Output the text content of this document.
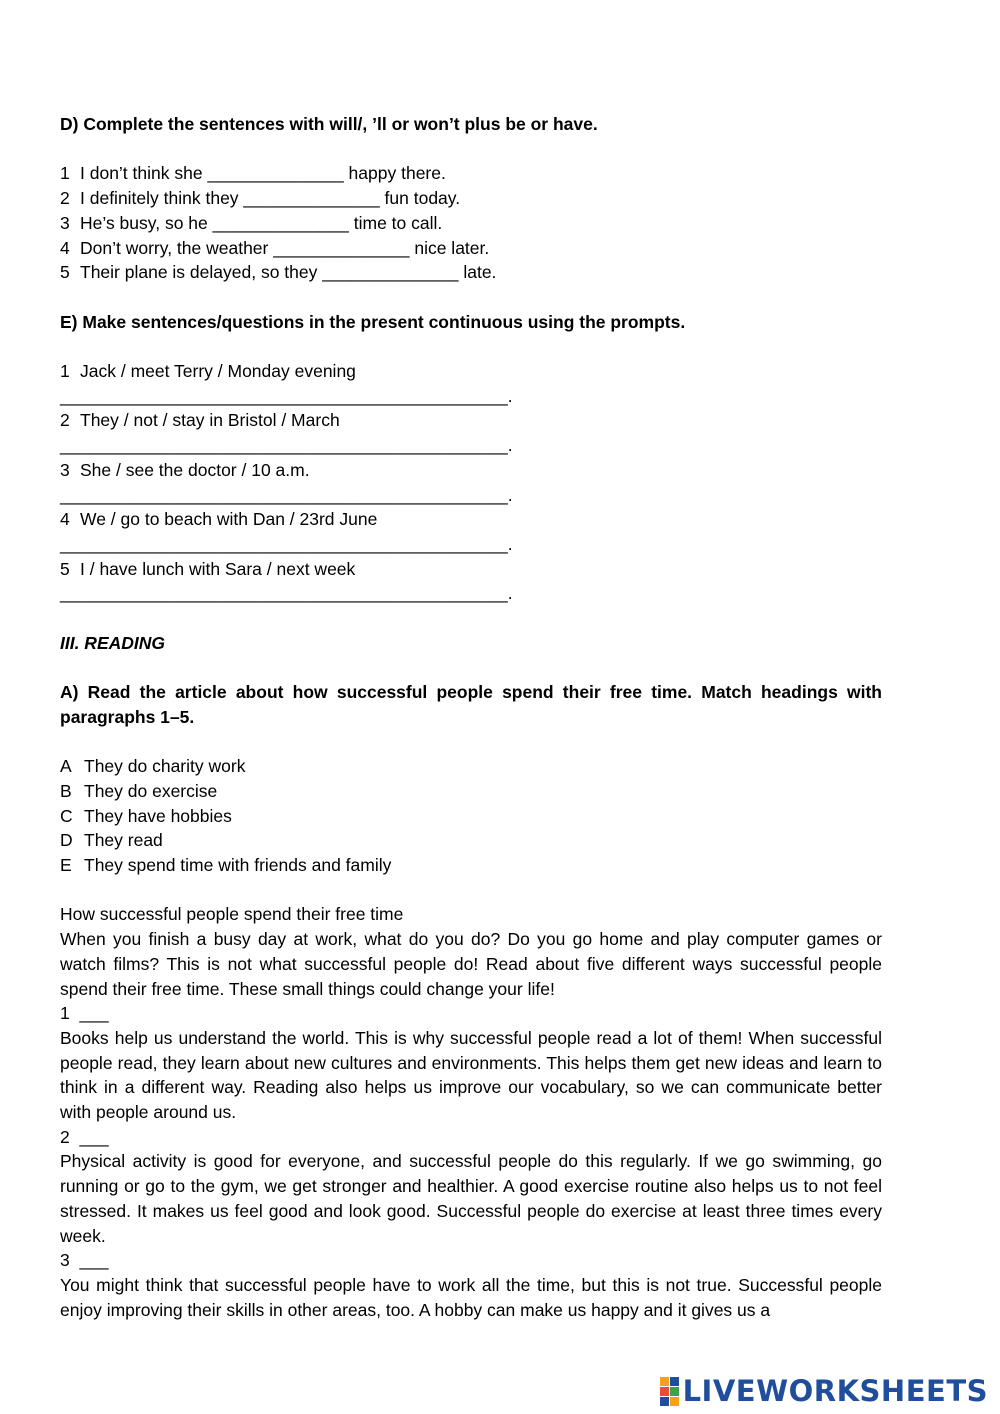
D) Complete the sentences with will/, ’ll or won’t plus be or have.

1 I don’t think she ______________ happy there.

2 I definitely think they ______________ fun today.

3 He’s busy, so he ______________ time to call.

4 Don’t worry, the weather ______________ nice later.

5 Their plane is delayed, so they ______________ late.

E) Make sentences/questions in the present continuous using the prompts.

1 Jack / meet Terry / Monday evening

______________________________________________.

2 They / not / stay in Bristol / March

______________________________________________.

3 She / see the doctor / 10 a.m.

______________________________________________.

4 We / go to beach with Dan / 23rd June

______________________________________________.

5 I / have lunch with Sara / next week

______________________________________________.

III. READING

A) Read the article about how successful people spend their free time. Match headings with paragraphs 1–5.

A They do charity work

B They do exercise

C They have hobbies

D They read

E They spend time with friends and family

How successful people spend their free time

When you finish a busy day at work, what do you do? Do you go home and play computer games or watch films? This is not what successful people do! Read about five different ways successful people spend their free time. These small things could change your life!

1  ___

Books help us understand the world. This is why successful people read a lot of them! When successful people read, they learn about new cultures and environments. This helps them get new ideas and learn to think in a different way. Reading also helps us improve our vocabulary, so we can communicate better with people around us.

2  ___

Physical activity is good for everyone, and successful people do this regularly. If we go swimming, go running or go to the gym, we get stronger and healthier. A good exercise routine also helps us to not feel stressed. It makes us feel good and look good. Successful people do exercise at least three times every week.

3  ___

You might think that successful people have to work all the time, but this is not true. Successful people enjoy improving their skills in other areas, too. A hobby can make us happy and it gives us a

LIVEWORKSHEETS
